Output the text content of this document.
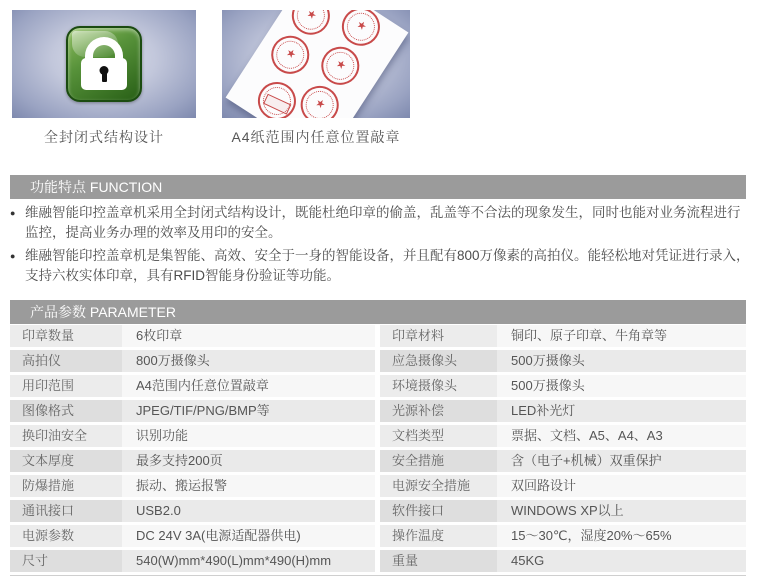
★
★
★
★
★
全封闭式结构设计	A4纸范围内任意位置敲章
功能特点 FUNCTION
● 维融智能印控盖章机采用全封闭式结构设计，既能杜绝印章的偷盖，乱盖等不合法的现象发生，同时也能对业务流程进行监控，提高业务办理的效率及用印的安全。
● 维融智能印控盖章机是集智能、高效、安全于一身的智能设备，并且配有800万像素的高拍仪。能轻松地对凭证进行录入，支持六枚实体印章，具有RFID智能身份验证等功能。
产品参数 PARAMETER
印章数量	6枚印章	印章材料	铜印、原子印章、牛角章等
高拍仪	800万摄像头	应急摄像头	500万摄像头
用印范围	A4范围内任意位置敲章	环境摄像头	500万摄像头
图像格式	JPEG/TIF/PNG/BMP等	光源补偿	LED补光灯
换印油安全	识别功能	文档类型	票据、文档、A5、A4、A3
文本厚度	最多支持200页	安全措施	含（电子+机械）双重保护
防爆措施	振动、搬运报警	电源安全措施	双回路设计
通讯接口	USB2.0	软件接口	WINDOWS XP以上
电源参数	DC 24V 3A(电源适配器供电)	操作温度	15～30℃，湿度20%～65%
尺寸	540(W)mm*490(L)mm*490(H)mm	重量	45KG
